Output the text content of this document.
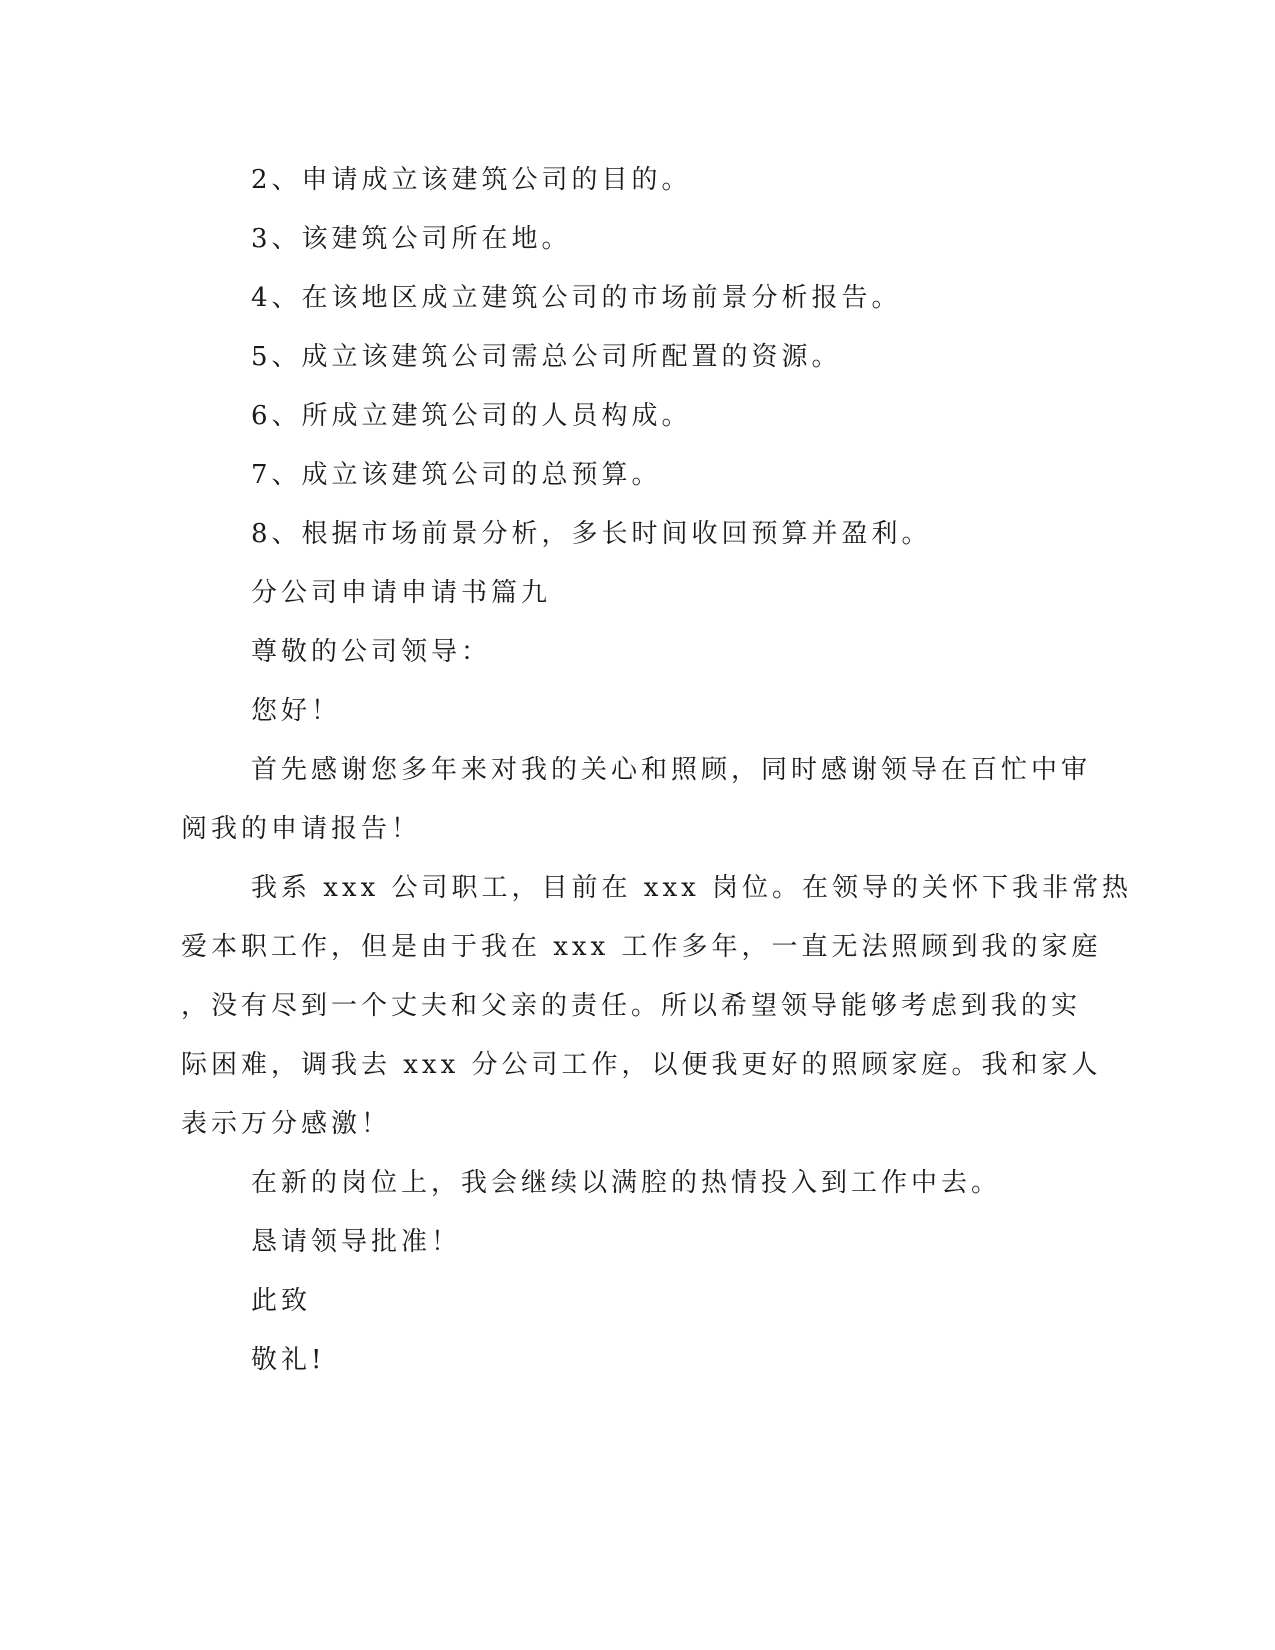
2、申请成立该建筑公司的目的。
3、该建筑公司所在地。
4、在该地区成立建筑公司的市场前景分析报告。
5、成立该建筑公司需总公司所配置的资源。
6、所成立建筑公司的人员构成。
7、成立该建筑公司的总预算。
8、根据市场前景分析，多长时间收回预算并盈利。
分公司申请申请书篇九
尊敬的公司领导：
您好！
首先感谢您多年来对我的关心和照顾，同时感谢领导在百忙中审
阅我的申请报告！
我系 xxx 公司职工，目前在 xxx 岗位。在领导的关怀下我非常热
爱本职工作，但是由于我在 xxx 工作多年，一直无法照顾到我的家庭
，没有尽到一个丈夫和父亲的责任。所以希望领导能够考虑到我的实
际困难，调我去 xxx 分公司工作，以便我更好的照顾家庭。我和家人
表示万分感激！
在新的岗位上，我会继续以满腔的热情投入到工作中去。
恳请领导批准！
此致
敬礼!
